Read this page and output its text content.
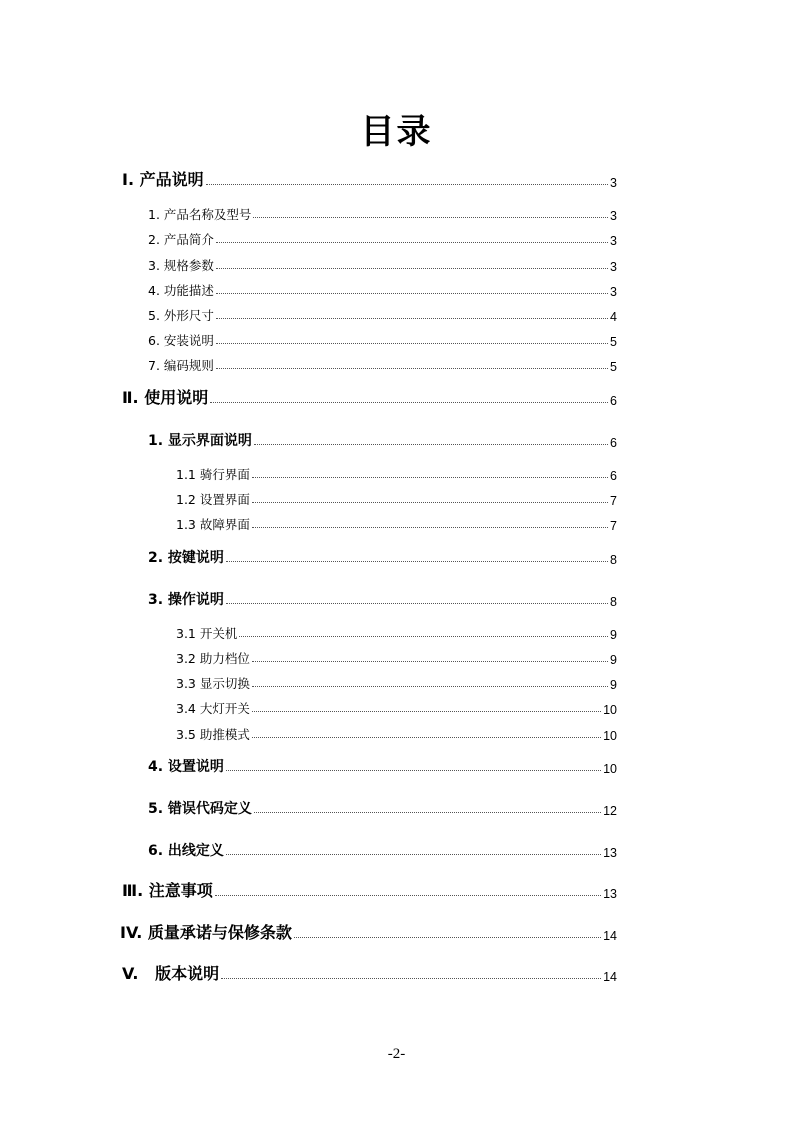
目录
Ⅰ. 产品说明	3
1. 产品名称及型号	3
2. 产品简介	3
3. 规格参数	3
4. 功能描述	3
5. 外形尺寸	4
6. 安装说明	5
7. 编码规则	5
Ⅱ. 使用说明	6
1. 显示界面说明	6
1.1 骑行界面	6
1.2 设置界面	7
1.3 故障界面	7
2. 按键说明	8
3. 操作说明	8
3.1 开关机	9
3.2 助力档位	9
3.3 显示切换	9
3.4 大灯开关	10
3.5 助推模式	10
4. 设置说明	10
5. 错误代码定义	12
6. 出线定义	13
Ⅲ. 注意事项	13
IV. 质量承诺与保修条款	14
V.   版本说明	14
-2-
